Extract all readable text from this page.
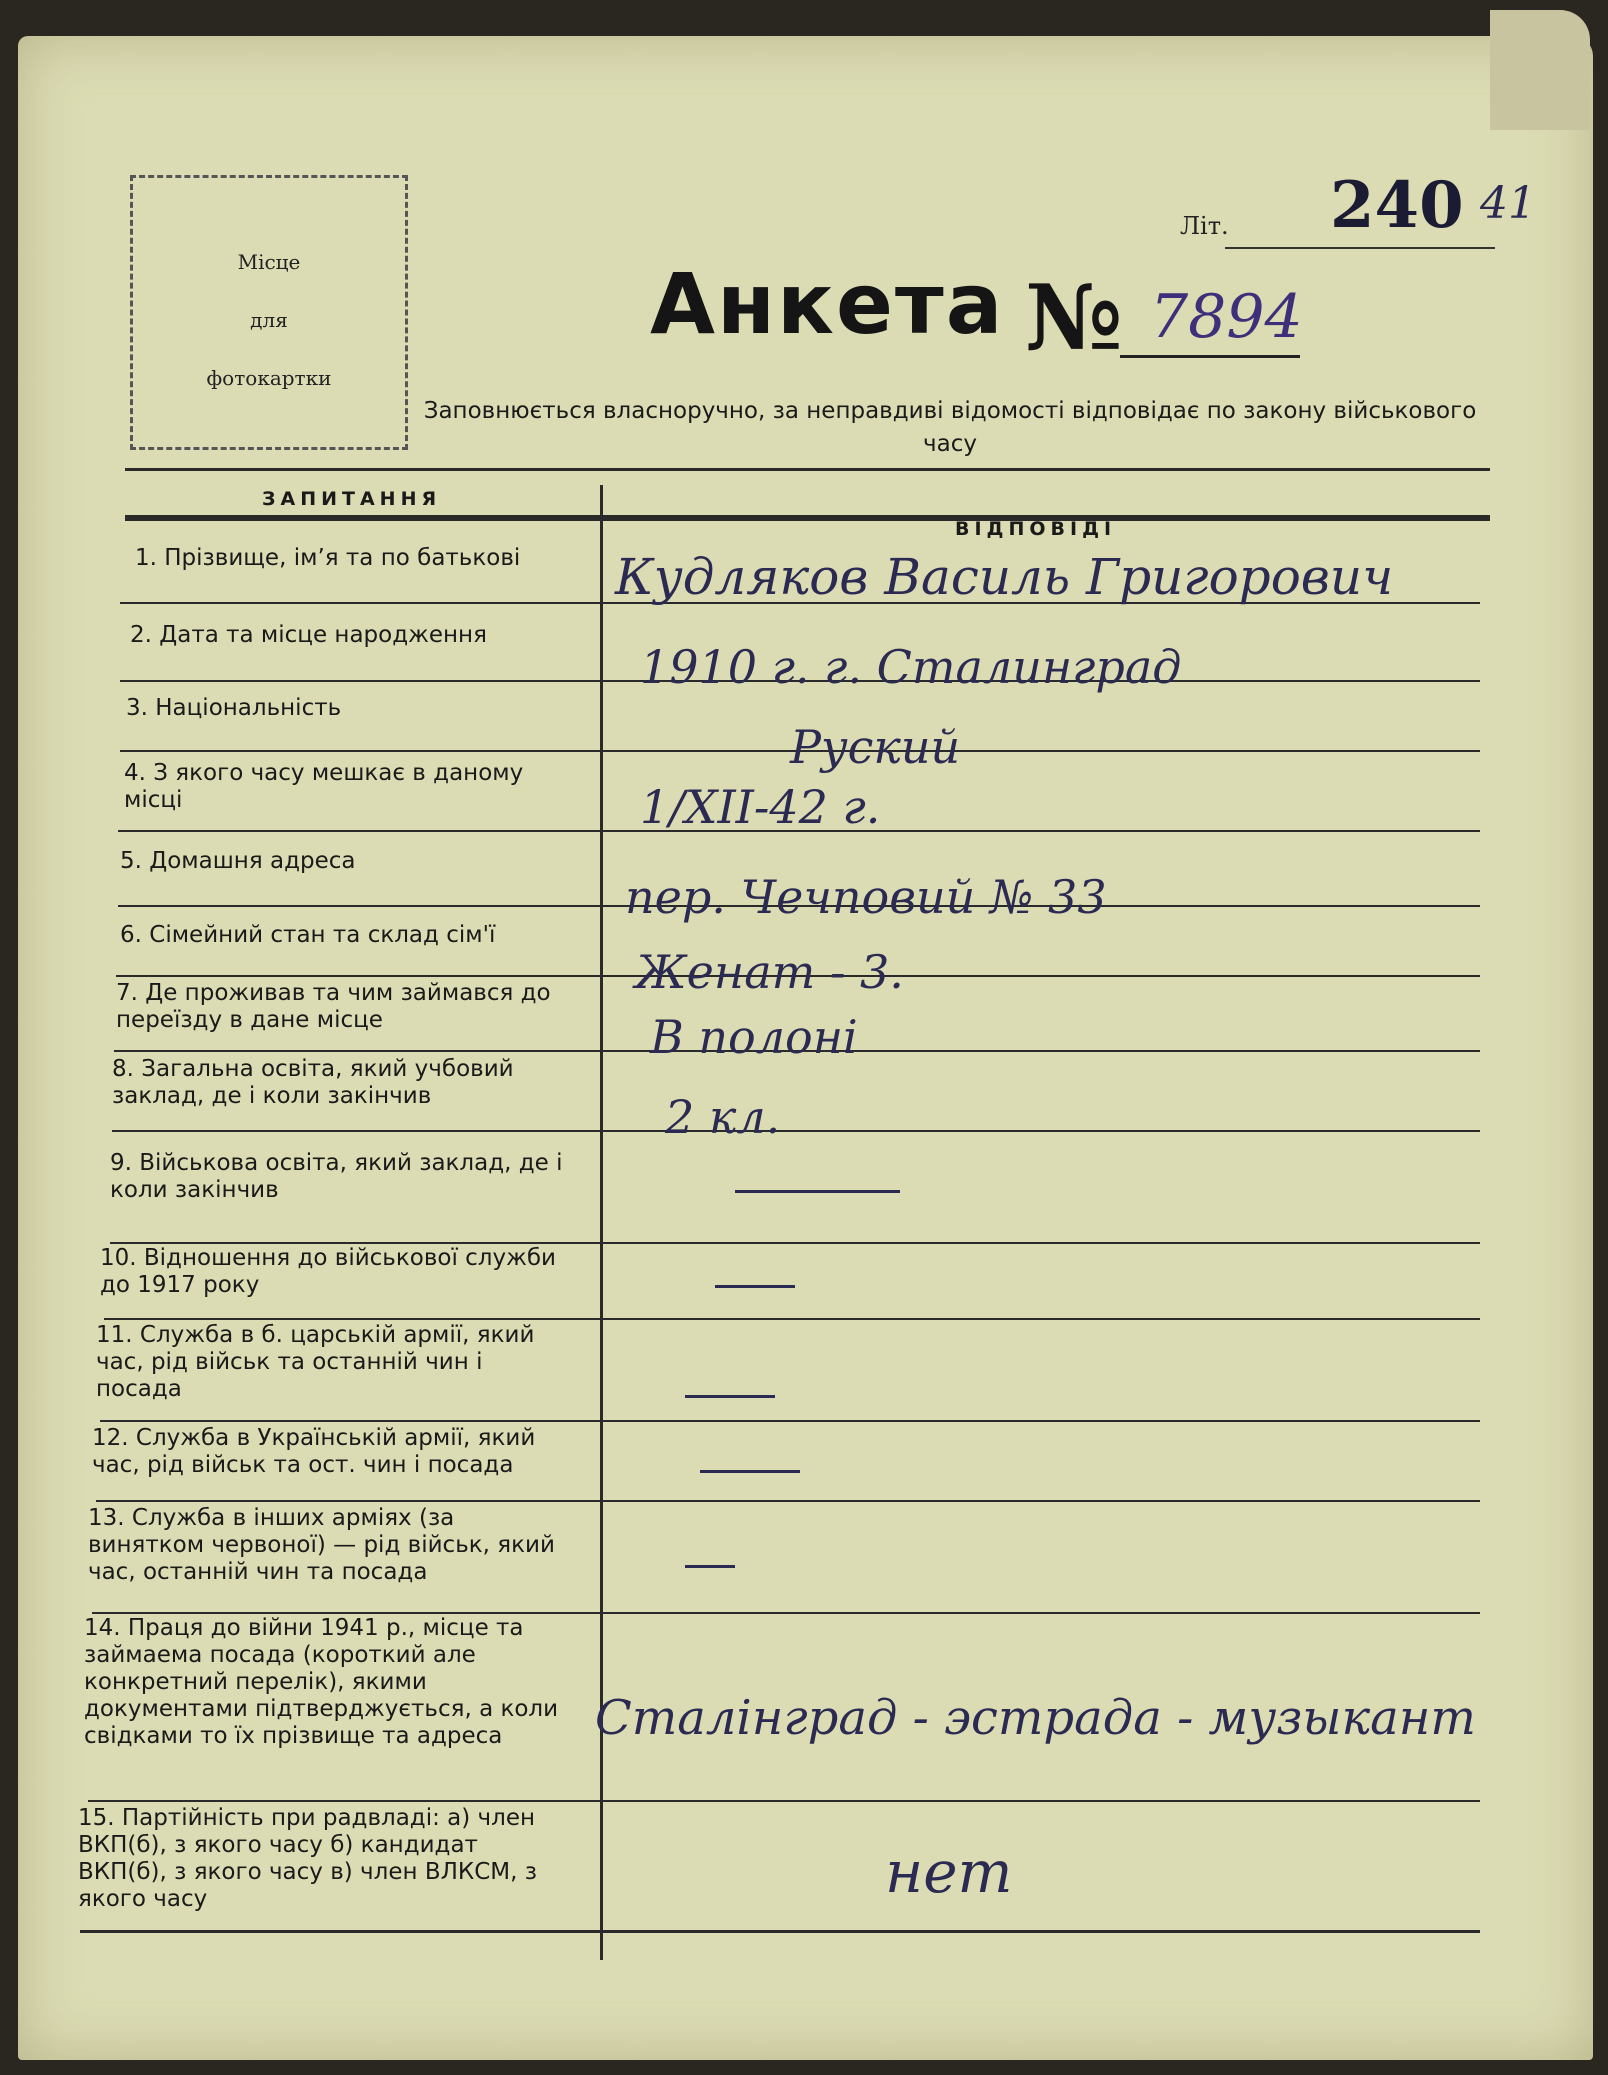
Місце
для
фотокартки
Літ. 240 41
Анкета № 7894
Заповнюється власноручно, за неправдиві відомості відповідає по закону військового часу
ЗАПИТАННЯ
ВІДПОВІДІ
1. Прізвище, ім’я та по батькові
2. Дата та місце народження
3. Національність
4. З якого часу мешкає в даному місці
5. Домашня адреса
6. Сімейний стан та склад сім'ї
7. Де проживав та чим займався до переїзду в дане місце
8. Загальна освіта, який учбовий заклад, де і коли закінчив
9. Військова освіта, який заклад, де і коли закінчив
10. Відношення до військової служби до 1917 року
11. Служба в б. царській армії, який час, рід військ та останній чин і посада
12. Служба в Українській армії, який час, рід військ та ост. чин і посада
13. Служба в інших арміях (за винятком червоної) — рід військ, який час, останній чин та посада
14. Праця до війни 1941 р., місце та займаема посада (короткий але конкретний перелік), якими документами підтверджується, а коли свідками то їх прізвище та адреса
15. Партійність при радвладі: а) член ВКП(б), з якого часу б) кандидат ВКП(б), з якого часу в) член ВЛКСМ, з якого часу
Кудляков Василь Григорович
1910 г. г. Сталинград
Руский
1/XII-42 г.
пер. Чечповий № 33
Женат - 3.
В полоні
2 кл.
Сталінград - эстрада - музыкант
нет
